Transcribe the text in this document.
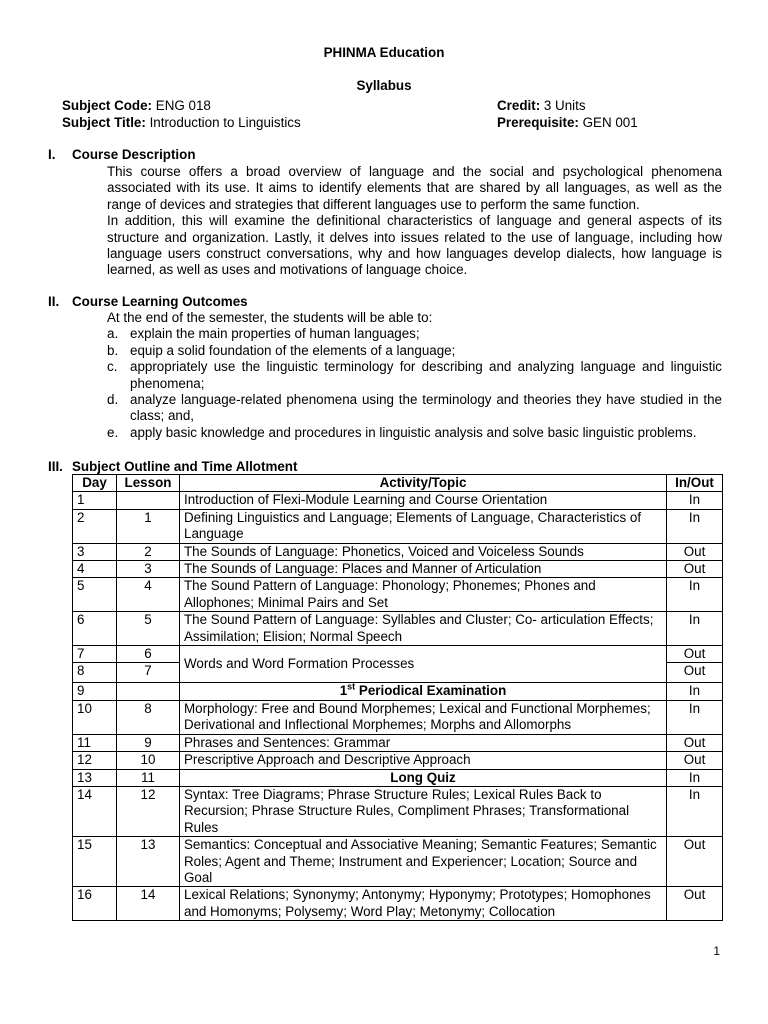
PHINMA Education
Syllabus
Subject Code: ENG 018
Subject Title: Introduction to Linguistics
Credit: 3 Units
Prerequisite: GEN 001
I.	Course Description

This course offers a broad overview of language and the social and psychological phenomena associated with its use. It aims to identify elements that are shared by all languages, as well as the range of devices and strategies that different languages use to perform the same function.

In addition, this will examine the definitional characteristics of language and general aspects of its structure and organization. Lastly, it delves into issues related to the use of language, including how language users construct conversations, why and how languages develop dialects, how language is learned, as well as uses and motivations of language choice.

II. Course Learning Outcomes

At the end of the semester, the students will be able to:

a. explain the main properties of human languages;
b. equip a solid foundation of the elements of a language;
c. appropriately use the linguistic terminology for describing and analyzing language and linguistic phenomena;
d. analyze language-related phenomena using the terminology and theories they have studied in the class; and,
e. apply basic knowledge and procedures in linguistic analysis and solve basic linguistic problems.
III. Subject Outline and Time Allotment
Day	Lesson	Activity/Topic	In/Out
1		Introduction of Flexi-Module Learning and Course Orientation	In
2	1	Defining Linguistics and Language; Elements of Language, Characteristics of Language	In
3	2	The Sounds of Language: Phonetics, Voiced and Voiceless Sounds	Out
4	3	The Sounds of Language: Places and Manner of Articulation	Out
5	4	The Sound Pattern of Language: Phonology; Phonemes; Phones and Allophones; Minimal Pairs and Set	In
6	5	The Sound Pattern of Language: Syllables and Cluster; Co- articulation Effects; Assimilation; Elision; Normal Speech	In
7	6	Words and Word Formation Processes	Out
8	7		Out
9		1st Periodical Examination	In
10	8	Morphology: Free and Bound Morphemes; Lexical and Functional Morphemes; Derivational and Inflectional Morphemes; Morphs and Allomorphs	In
11	9	Phrases and Sentences: Grammar	Out
12	10	Prescriptive Approach and Descriptive Approach	Out
13	11	Long Quiz	In
14	12	Syntax: Tree Diagrams; Phrase Structure Rules; Lexical Rules Back to Recursion; Phrase Structure Rules, Compliment Phrases; Transformational Rules	In
15	13	Semantics: Conceptual and Associative Meaning; Semantic Features; Semantic Roles; Agent and Theme; Instrument and Experiencer; Location; Source and Goal	Out
16	14	Lexical Relations; Synonymy; Antonymy; Hyponymy; Prototypes; Homophones and Homonyms; Polysemy; Word Play; Metonymy; Collocation	Out
1
